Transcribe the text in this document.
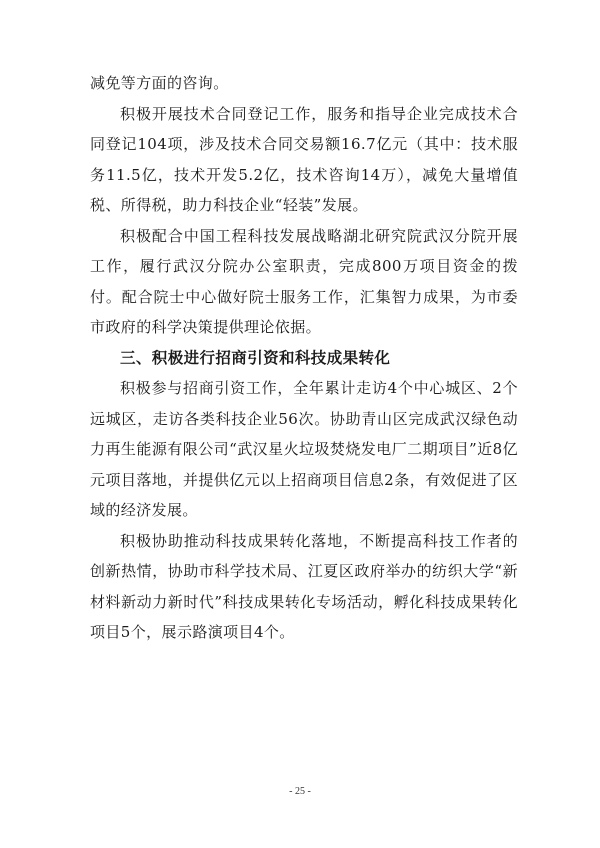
减免等方面的咨询。

积极开展技术合同登记工作，服务和指导企业完成技术合同登记104项，涉及技术合同交易额16.7亿元（其中：技术服务11.5亿，技术开发5.2亿，技术咨询14万），减免大量增值税、所得税，助力科技企业“轻装”发展。

积极配合中国工程科技发展战略湖北研究院武汉分院开展工作，履行武汉分院办公室职责，完成800万项目资金的拨付。配合院士中心做好院士服务工作，汇集智力成果，为市委市政府的科学决策提供理论依据。

三、积极进行招商引资和科技成果转化

积极参与招商引资工作，全年累计走访4个中心城区、2个远城区，走访各类科技企业56次。协助青山区完成武汉绿色动力再生能源有限公司“武汉星火垃圾焚烧发电厂二期项目”近8亿元项目落地，并提供亿元以上招商项目信息2条，有效促进了区域的经济发展。

积极协助推动科技成果转化落地，不断提高科技工作者的创新热情，协助市科学技术局、江夏区政府举办的纺织大学“新材料新动力新时代”科技成果转化专场活动，孵化科技成果转化项目5个，展示路演项目4个。

- 25 -
